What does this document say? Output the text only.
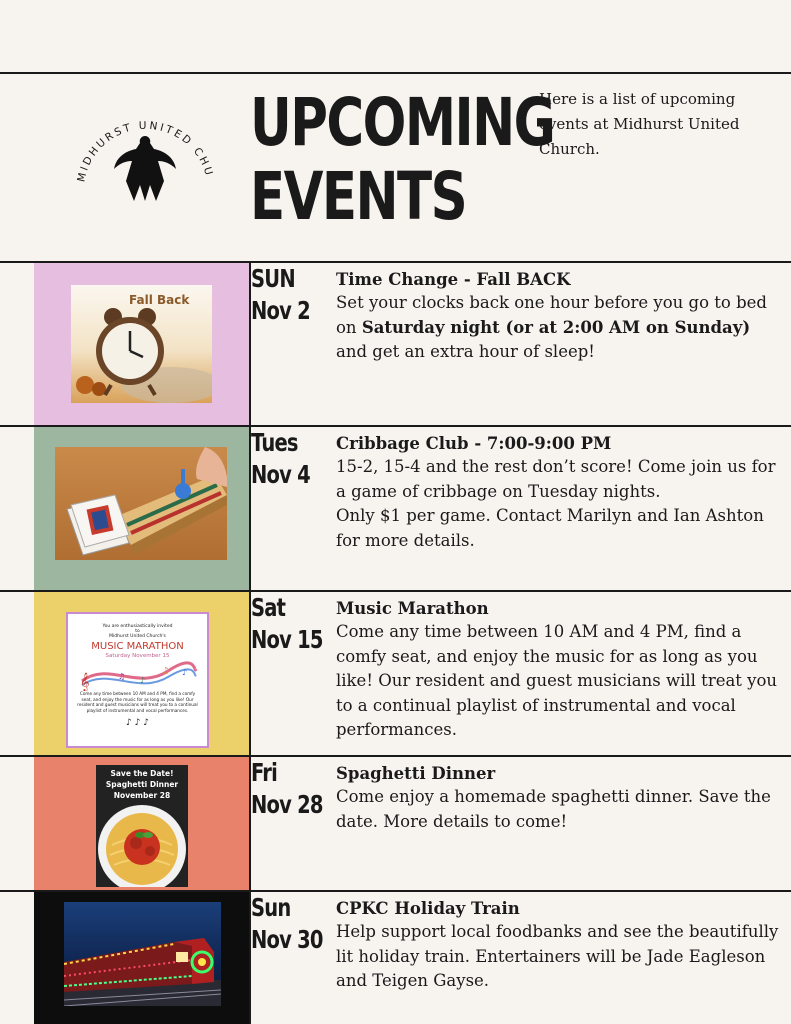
MIDHURST UNITED CHU
UPCOMING
EVENTS
Here is a list of upcoming events at Midhurst United Church.
Fall Back
SUN
Nov 2
Time Change - Fall BACK
Set your clocks back one hour before you go to bed on Saturday night (or at 2:00 AM on Sunday) and get an extra hour of sleep!
Tues
Nov 4
Cribbage Club - 7:00-9:00 PM
15-2, 15-4 and the rest don’t score! Come join us for a game of cribbage on Tuesday nights.
Only $1 per game. Contact Marilyn and Ian Ashton for more details.
You are enthusiastically invited
to
Midhurst United Church's
MUSIC MARATHON
Saturday November 15
𝄞	♫ ♪
♫ ♪
Come any time between 10 AM and 4 PM, find a comfy seat, and enjoy the music for as long as you like! Our resident and guest musicians will treat you to a continual playlist of instrumental and vocal performances.
♪ ♪ ♪
Sat
Nov 15
Music Marathon
Come any time between 10 AM and 4 PM, find a comfy seat, and enjoy the music for as long as you like! Our resident and guest musicians will treat you to a continual playlist of instrumental and vocal performances.
Save the Date!
Spaghetti Dinner
November 28
Fri
Nov 28
Spaghetti Dinner
Come enjoy a homemade spaghetti dinner. Save the date. More details to come!
Sun
Nov 30
CPKC Holiday Train
Help support local foodbanks and see the beautifully lit holiday train. Entertainers will be Jade Eagleson and Teigen Gayse.
